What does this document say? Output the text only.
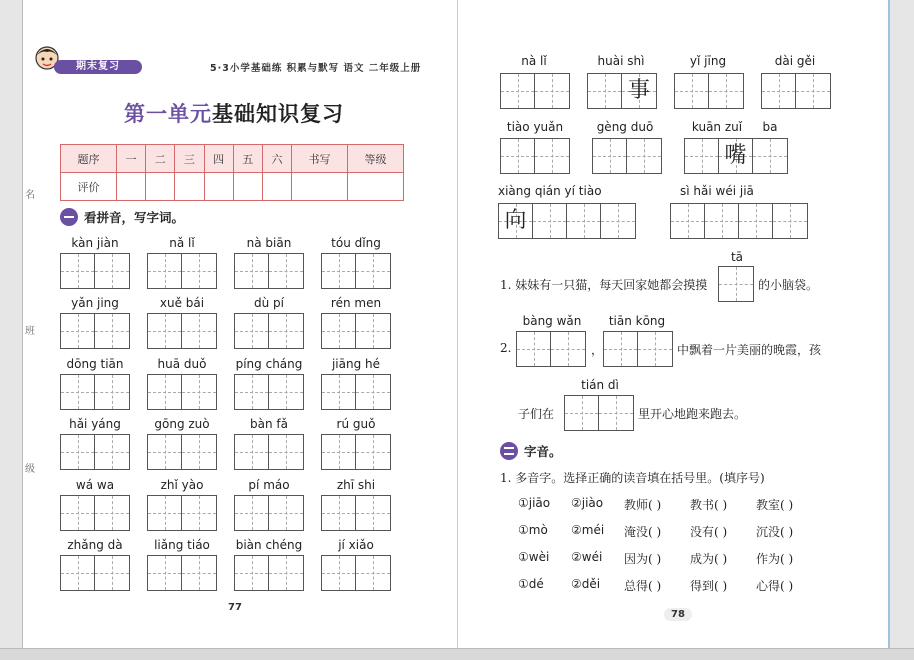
期末复习	5·3小学基础练 积累与默写 语文 二年级上册
第一单元基础知识复习
题序	一	二	三	四	五	六	书写	等级
评价								
看拼音，写字词。
kàn jiàn	nǎ lǐ	nà biān	tóu dǐng
yǎn jing	xuě bái	dù pí	rén men
dōng tiān	huā duǒ	píng cháng	jiāng hé
hǎi yáng	gōng zuò	bàn fǎ	rú guǒ
wá wa	zhǐ yào	pí máo	zhī shi
zhǎng dà	liǎng tiáo	biàn chéng	jí xiǎo
77
名
班
级
nà lǐ	huài shì
事
yǐ jīng	dài gěi
tiào yuǎn	gèng duō	kuān zuǐ	ba
嘴
xiàng qián yí tiào
向
sì hǎi wéi jiā
tā
1. 妹妹有一只猫，每天回家她都会摸摸	的小脑袋。
bàng wǎn	tiān kōng
2.	，	中飘着一片美丽的晚霞，孩
tián dì
子们在	里开心地跑来跑去。
字音。
1. 多音字。选择正确的读音填在括号里。(填序号)
①jiāo	②jiào	教师( )	教书( )	教室( )
①mò	②méi	淹没( )	没有( )	沉没( )
①wèi	②wéi	因为( )	成为( )	作为( )
①dé	②děi	总得( )	得到( )	心得( )
78
